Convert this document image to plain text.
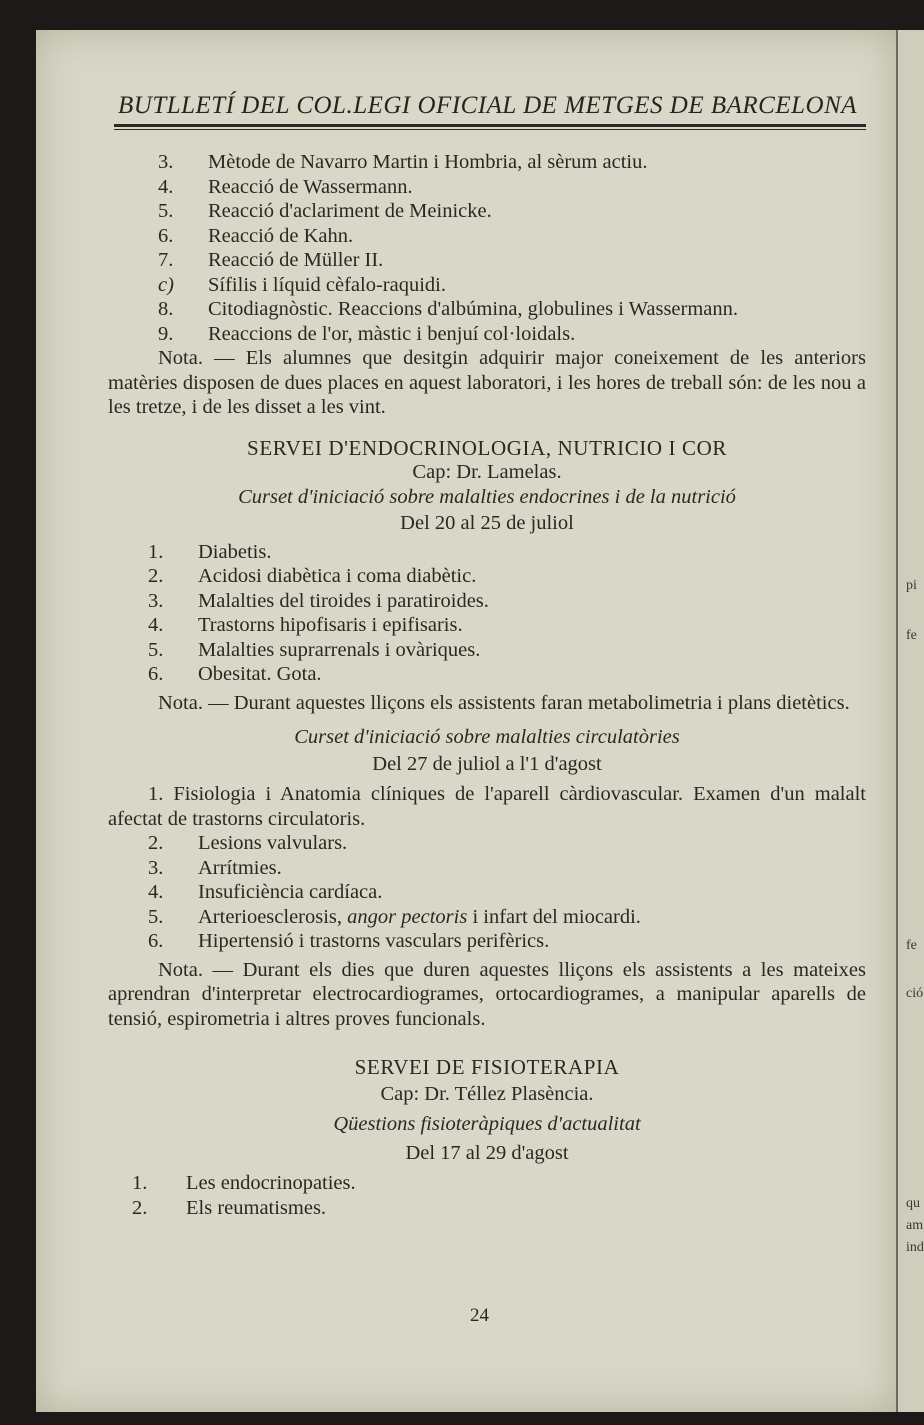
pi
fe
fe
ció
qu
am
ind
BUTLLETÍ DEL COL.LEGI OFICIAL DE METGES DE BARCELONA
3.	Mètode de Navarro Martin i Hombria, al sèrum actiu.
4.	Reacció de Wassermann.
5.	Reacció d'aclariment de Meinicke.
6.	Reacció de Kahn.
7.	Reacció de Müller II.
c)	Sífilis i líquid cèfalo-raquidi.
8.	Citodiagnòstic. Reaccions d'albúmina, globulines i Wassermann.
9.	Reaccions de l'or, màstic i benjuí col·loidals.

Nota. — Els alumnes que desitgin adquirir major coneixement de les anteriors matèries disposen de dues places en aquest laboratori, i les hores de treball són: de les nou a les tretze, i de les disset a les vint.

SERVEI D'ENDOCRINOLOGIA, NUTRICIO I COR
Cap: Dr. Lamelas.
Curset d'iniciació sobre malalties endocrines i de la nutrició
Del 20 al 25 de juliol
1.	Diabetis.
2.	Acidosi diabètica i coma diabètic.
3.	Malalties del tiroides i paratiroides.
4.	Trastorns hipofisaris i epifisaris.
5.	Malalties suprarrenals i ovàriques.
6.	Obesitat. Gota.

Nota. — Durant aquestes lliçons els assistents faran metabolimetria i plans dietètics.

Curset d'iniciació sobre malalties circulatòries
Del 27 de juliol a l'1 d'agost

1. Fisiologia i Anatomia clíniques de l'aparell càrdiovascular. Examen d'un malalt afectat de trastorns circulatoris.

2.	Lesions valvulars.
3.	Arrítmies.
4.	Insuficiència cardíaca.
5.	Arterioesclerosis, angor pectoris i infart del miocardi.
6.	Hipertensió i trastorns vasculars perifèrics.

Nota. — Durant els dies que duren aquestes lliçons els assistents a les mateixes aprendran d'interpretar electrocardiogrames, ortocardiogrames, a manipular aparells de tensió, espirometria i altres proves funcionals.

SERVEI DE FISIOTERAPIA
Cap: Dr. Téllez Plasència.
Qüestions fisioteràpiques d'actualitat
Del 17 al 29 d'agost
1.	Les endocrinopaties.
2.	Els reumatismes.
24
